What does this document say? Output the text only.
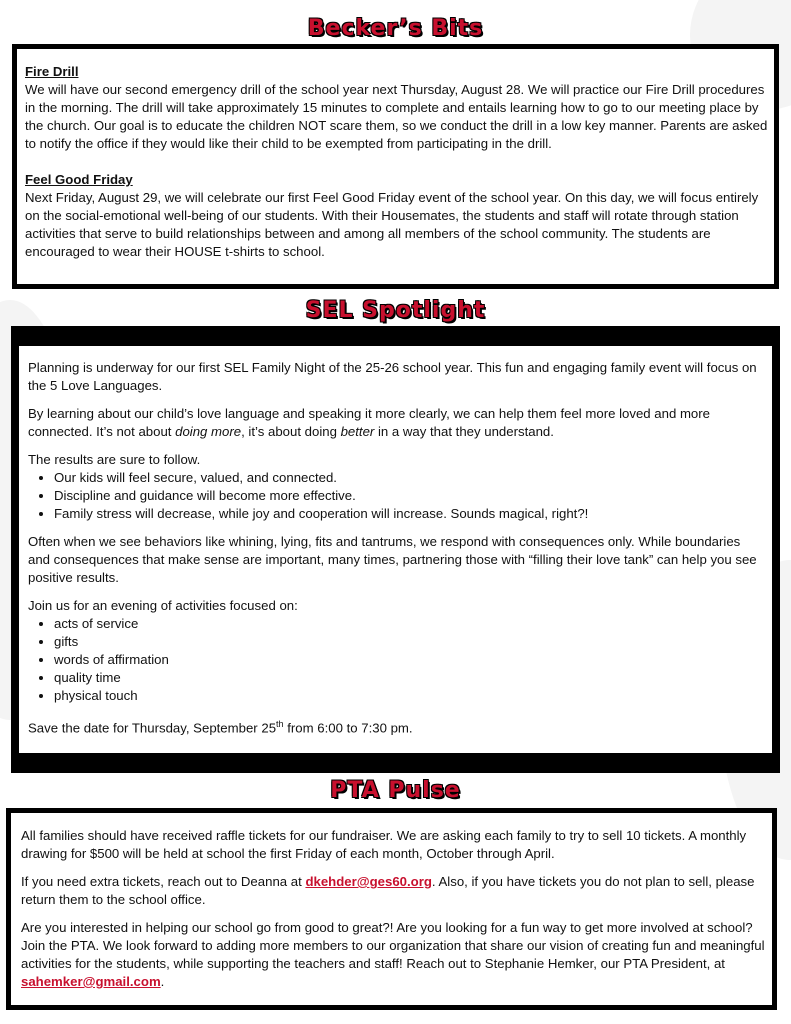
Becker’s Bits

Fire Drill

We will have our second emergency drill of the school year next Thursday, August 28. We will practice our Fire Drill procedures in the morning. The drill will take approximately 15 minutes to complete and entails learning how to go to our meeting place by the church. Our goal is to educate the children NOT scare them, so we conduct the drill in a low key manner. Parents are asked to notify the office if they would like their child to be exempted from participating in the drill.

Feel Good Friday

Next Friday, August 29, we will celebrate our first Feel Good Friday event of the school year. On this day, we will focus entirely on the social-emotional well-being of our students. With their Housemates, the students and staff will rotate through station activities that serve to build relationships between and among all members of the school community. The students are encouraged to wear their HOUSE t-shirts to school.

SEL Spotlight

Planning is underway for our first SEL Family Night of the 25-26 school year. This fun and engaging family event will focus on the 5 Love Languages.

By learning about our child’s love language and speaking it more clearly, we can help them feel more loved and more connected. It’s not about doing more, it’s about doing better in a way that they understand.

The results are sure to follow.

• Our kids will feel secure, valued, and connected.
• Discipline and guidance will become more effective.
• Family stress will decrease, while joy and cooperation will increase. Sounds magical, right?!

Often when we see behaviors like whining, lying, fits and tantrums, we respond with consequences only. While boundaries and consequences that make sense are important, many times, partnering those with “filling their love tank” can help you see positive results.

Join us for an evening of activities focused on:

• acts of service
• gifts
• words of affirmation
• quality time
• physical touch

Save the date for Thursday, September 25th from 6:00 to 7:30 pm.

PTA Pulse

All families should have received raffle tickets for our fundraiser. We are asking each family to try to sell 10 tickets. A monthly drawing for $500 will be held at school the first Friday of each month, October through April.

If you need extra tickets, reach out to Deanna at dkehder@ges60.org. Also, if you have tickets you do not plan to sell, please return them to the school office.

Are you interested in helping our school go from good to great?! Are you looking for a fun way to get more involved at school? Join the PTA. We look forward to adding more members to our organization that share our vision of creating fun and meaningful activities for the students, while supporting the teachers and staff! Reach out to Stephanie Hemker, our PTA President, at sahemker@gmail.com.
